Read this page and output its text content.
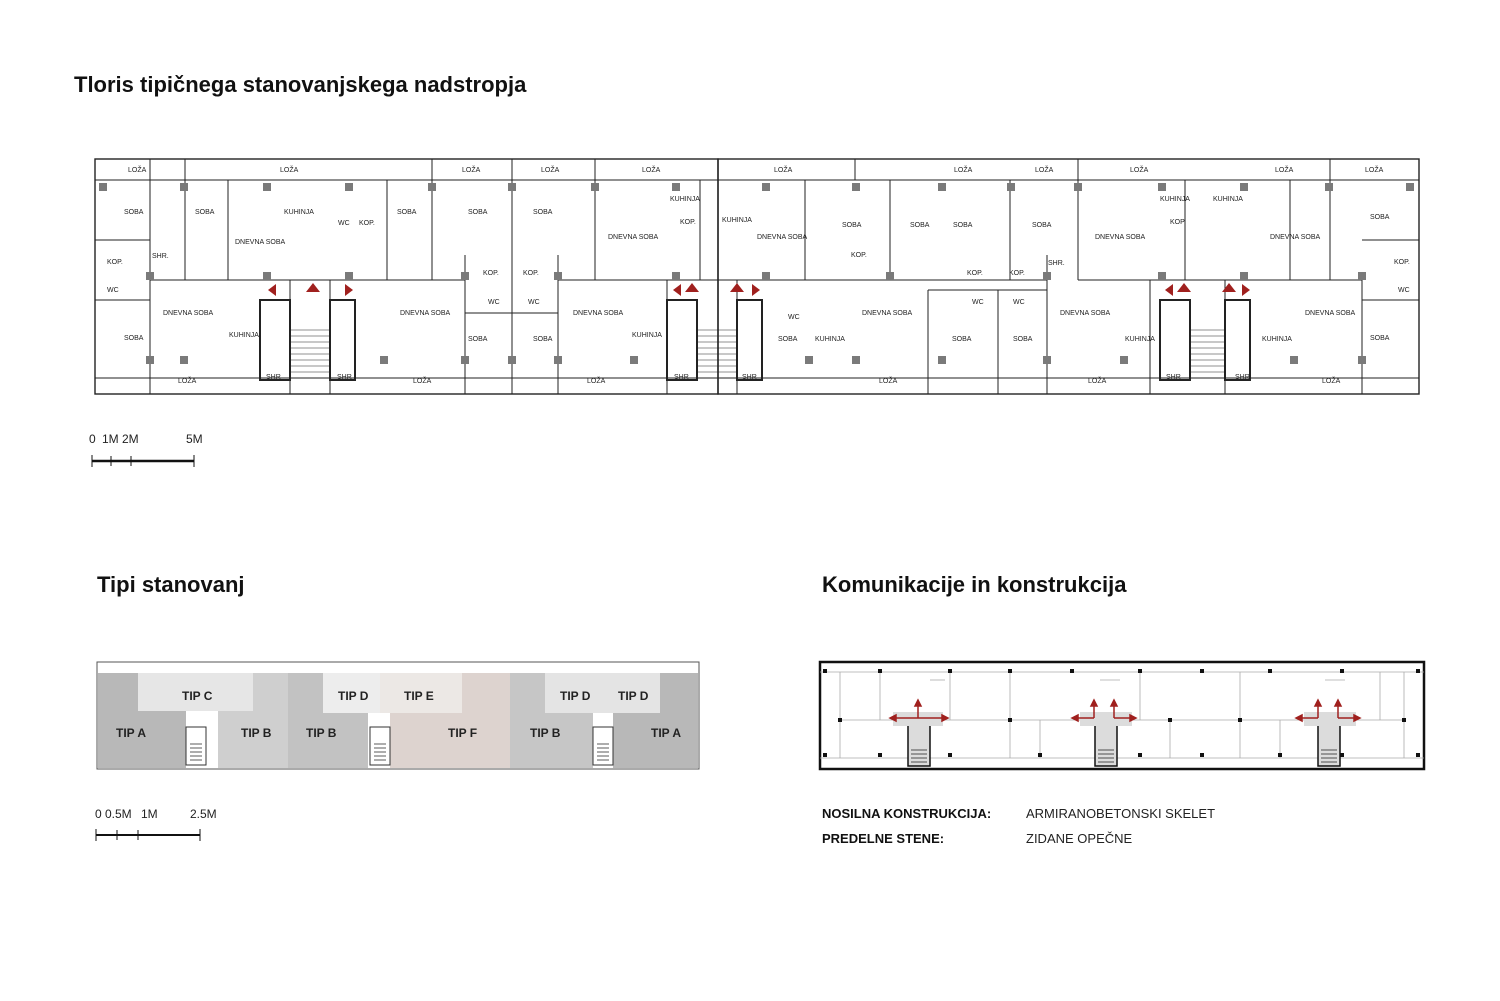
Tloris tipičnega stanovanjskega nadstropja
Tipi stanovanj	Komunikacije in konstrukcija
0 1M 2M	5M
0 0.5M 1M	2.5M	NOSILNA KONSTRUKCIJA:	ARMIRANOBETONSKI SKELET
PREDELNE STENE:	ZIDANE OPEČNE
LOŽA	LOŽA	LOŽA	LOŽA	LOŽA	LOŽA	LOŽA	LOŽA	LOŽA	LOŽA	LOŽA
SOBA	SOBA	SOBA	SOBA	SOBA
SOBA	SOBA	SOBA	SOBA
SOBA
SOBA	SOBA	SOBA	SOBA	SOBA	SOBA	SOBA
DNEVNA SOBA
DNEVNA SOBA	DNEVNA SOBA	DNEVNA SOBA	DNEVNA SOBA
DNEVNA SOBA	DNEVNA SOBA	DNEVNA SOBA	DNEVNA SOBA	DNEVNA SOBA	DNEVNA SOBA
KUHINJA
KUHINJA
KUHINJA
KUHINJA	KUHINJA
KUHINJA	KUHINJA
KUHINJA	KUHINJA	KUHINJA
SHR.
SHR.
SHR	SHR	SHR	SHR	SHR	SHR
LOŽA	LOŽA	LOŽA	LOŽA	LOŽA	LOŽA
KOP.
KOP.	KOP.
KOP.
KOP.
KOP.	KOP.
KOP.
KOP.
KOP.
WC
WC	WC
WC
WC	WC
WC	WC
TIP A
TIP C
TIP B	TIP B
TIP D	TIP E
TIP F	TIP B
TIP D TIP D
TIP A
